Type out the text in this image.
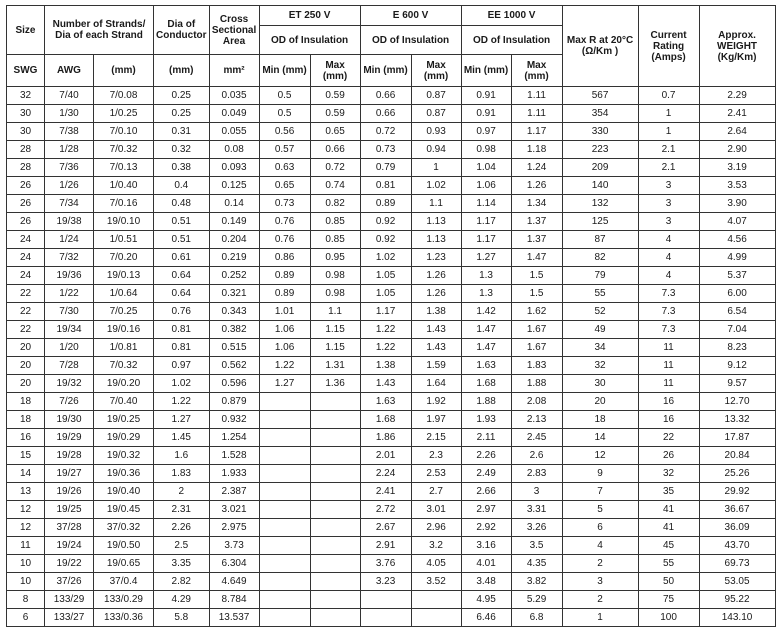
Size	Number of Strands/ Dia of each Strand		Dia of Conductor	Cross Sectional Area	ET 250 V		E 600 V		EE 1000 V		Max R at 20°C (Ω/Km )	Current Rating (Amps)	Approx. WEIGHT (Kg/Km)
					OD of Insulation		OD of Insulation		OD of Insulation				
SWG	AWG	(mm)	(mm)	mm²	Min (mm)	Max (mm)	Min (mm)	Max (mm)	Min (mm)	Max (mm)			
32	7/40	7/0.08	0.25	0.035	0.5	0.59	0.66	0.87	0.91	1.11	567	0.7	2.29
30	1/30	1/0.25	0.25	0.049	0.5	0.59	0.66	0.87	0.91	1.11	354	1	2.41
30	7/38	7/0.10	0.31	0.055	0.56	0.65	0.72	0.93	0.97	1.17	330	1	2.64
28	1/28	7/0.32	0.32	0.08	0.57	0.66	0.73	0.94	0.98	1.18	223	2.1	2.90
28	7/36	7/0.13	0.38	0.093	0.63	0.72	0.79	1	1.04	1.24	209	2.1	3.19
26	1/26	1/0.40	0.4	0.125	0.65	0.74	0.81	1.02	1.06	1.26	140	3	3.53
26	7/34	7/0.16	0.48	0.14	0.73	0.82	0.89	1.1	1.14	1.34	132	3	3.90
26	19/38	19/0.10	0.51	0.149	0.76	0.85	0.92	1.13	1.17	1.37	125	3	4.07
24	1/24	1/0.51	0.51	0.204	0.76	0.85	0.92	1.13	1.17	1.37	87	4	4.56
24	7/32	7/0.20	0.61	0.219	0.86	0.95	1.02	1.23	1.27	1.47	82	4	4.99
24	19/36	19/0.13	0.64	0.252	0.89	0.98	1.05	1.26	1.3	1.5	79	4	5.37
22	1/22	1/0.64	0.64	0.321	0.89	0.98	1.05	1.26	1.3	1.5	55	7.3	6.00
22	7/30	7/0.25	0.76	0.343	1.01	1.1	1.17	1.38	1.42	1.62	52	7.3	6.54
22	19/34	19/0.16	0.81	0.382	1.06	1.15	1.22	1.43	1.47	1.67	49	7.3	7.04
20	1/20	1/0.81	0.81	0.515	1.06	1.15	1.22	1.43	1.47	1.67	34	11	8.23
20	7/28	7/0.32	0.97	0.562	1.22	1.31	1.38	1.59	1.63	1.83	32	11	9.12
20	19/32	19/0.20	1.02	0.596	1.27	1.36	1.43	1.64	1.68	1.88	30	11	9.57
18	7/26	7/0.40	1.22	0.879			1.63	1.92	1.88	2.08	20	16	12.70
18	19/30	19/0.25	1.27	0.932			1.68	1.97	1.93	2.13	18	16	13.32
16	19/29	19/0.29	1.45	1.254			1.86	2.15	2.11	2.45	14	22	17.87
15	19/28	19/0.32	1.6	1.528			2.01	2.3	2.26	2.6	12	26	20.84
14	19/27	19/0.36	1.83	1.933			2.24	2.53	2.49	2.83	9	32	25.26
13	19/26	19/0.40	2	2.387			2.41	2.7	2.66	3	7	35	29.92
12	19/25	19/0.45	2.31	3.021			2.72	3.01	2.97	3.31	5	41	36.67
12	37/28	37/0.32	2.26	2.975			2.67	2.96	2.92	3.26	6	41	36.09
11	19/24	19/0.50	2.5	3.73			2.91	3.2	3.16	3.5	4	45	43.70
10	19/22	19/0.65	3.35	6.304			3.76	4.05	4.01	4.35	2	55	69.73
10	37/26	37/0.4	2.82	4.649			3.23	3.52	3.48	3.82	3	50	53.05
8	133/29	133/0.29	4.29	8.784					4.95	5.29	2	75	95.22
6	133/27	133/0.36	5.8	13.537					6.46	6.8	1	100	143.10
